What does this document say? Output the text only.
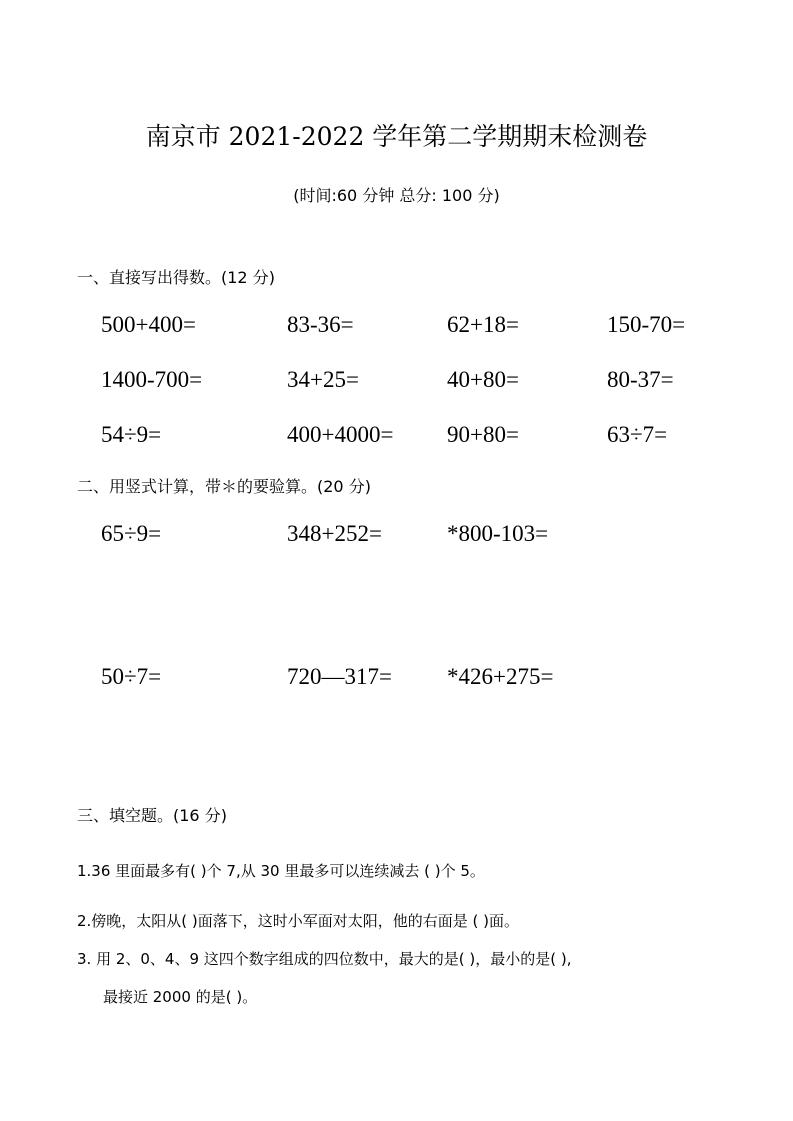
南京市 2021-2022 学年第二学期期末检测卷
(时间:60 分钟 总分: 100 分)
一、直接写出得数。(12 分)
500+400=	83-36=	62+18=	150-70=
1400-700=	34+25=	40+80=	80-37=
54÷9=	400+4000= 90+80=	63÷7=
二、用竖式计算，带＊的要验算。(20 分)
65÷9=	348+252=	*800-103=
50÷7=	720—317= *426+275=
三、填空题。(16 分)
1.36 里面最多有( )个 7,从 30 里最多可以连续减去 ( )个 5。
2.傍晚，太阳从( )面落下，这时小军面对太阳，他的右面是 ( )面。
3. 用 2、0、4、9 这四个数字组成的四位数中，最大的是( )，最小的是( ),
最接近 2000 的是( )。
